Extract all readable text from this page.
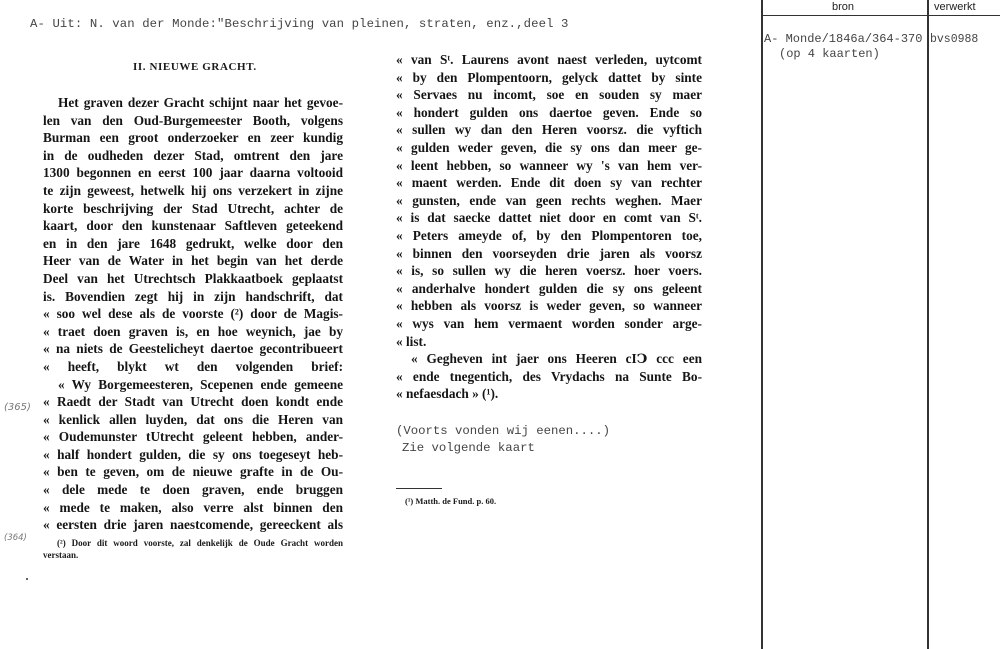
A- Uit: N. van der Monde:"Beschrijving van pleinen, straten, enz.,deel 3
II. NIEUWE GRACHT.
Het graven dezer Gracht schijnt naar het gevoe-
len van den Oud-Burgemeester Booth, volgens
Burman een groot onderzoeker en zeer kundig
in de oudheden dezer Stad, omtrent den jare
1300 begonnen en eerst 100 jaar daarna voltooid
te zijn geweest, hetwelk hij ons verzekert in zijne
korte beschrijving der Stad Utrecht, achter de
kaart, door den kunstenaar Saftleven geteekend
en in den jare 1648 gedrukt, welke door den
Heer van de Water in het begin van het derde
Deel van het Utrechtsch Plakkaatboek geplaatst
is. Bovendien zegt hij in zijn handschrift, dat
« soo wel dese als de voorste (²) door de Magis-
« traet doen graven is, en hoe weynich, jae by
« na niets de Geestelicheyt daertoe gecontribueert
« heeft, blykt wt den volgenden brief:
« Wy Borgemeesteren, Scepenen ende gemeene
« Raedt der Stadt van Utrecht doen kondt ende
« kenlick allen luyden, dat ons die Heren van
« Oudemunster tUtrecht geleent hebben, ander-
« half hondert gulden, die sy ons toegeseyt heb-
« ben te geven, om de nieuwe grafte in de Ou-
« dele mede te doen graven, ende bruggen
« mede te maken, also verre alst binnen den
« eersten drie jaren naestcomende, gereeckent als
(²) Door dit woord voorste, zal denkelijk de Oude Gracht worden
verstaan.
(365)
(364)
« van Sᵗ. Laurens avont naest verleden, uytcomt
« by den Plompentoorn, gelyck dattet by sinte
« Servaes nu incomt, soe en souden sy maer
« hondert gulden ons daertoe geven. Ende so
« sullen wy dan den Heren voorsz. die vyftich
« gulden weder geven, die sy ons dan meer ge-
« leent hebben, so wanneer wy 's van hem ver-
« maent werden. Ende dit doen sy van rechter
« gunsten, ende van geen rechts weghen. Maer
« is dat saecke dattet niet door en comt van Sᵗ.
« Peters ameyde of, by den Plompentoren toe,
« binnen den voorseyden drie jaren als voorsz
« is, so sullen wy die heren voersz. hoer voers.
« anderhalve hondert gulden die sy ons geleent
« hebben als voorsz is weder geven, so wanneer
« wys van hem vermaent worden sonder arge-
« list.
« Gegheven int jaer ons Heeren cIↃ ccc een
« ende tnegentich, des Vrydachs na Sunte Bo-
« nefaesdach » (¹).
(Voorts vonden wij eenen....)
Zie volgende kaart
(¹) Matth. de Fund. p. 60.
bron	verwerkt
A- Monde/1846a/364-370
(op 4 kaarten)
bvs0988
